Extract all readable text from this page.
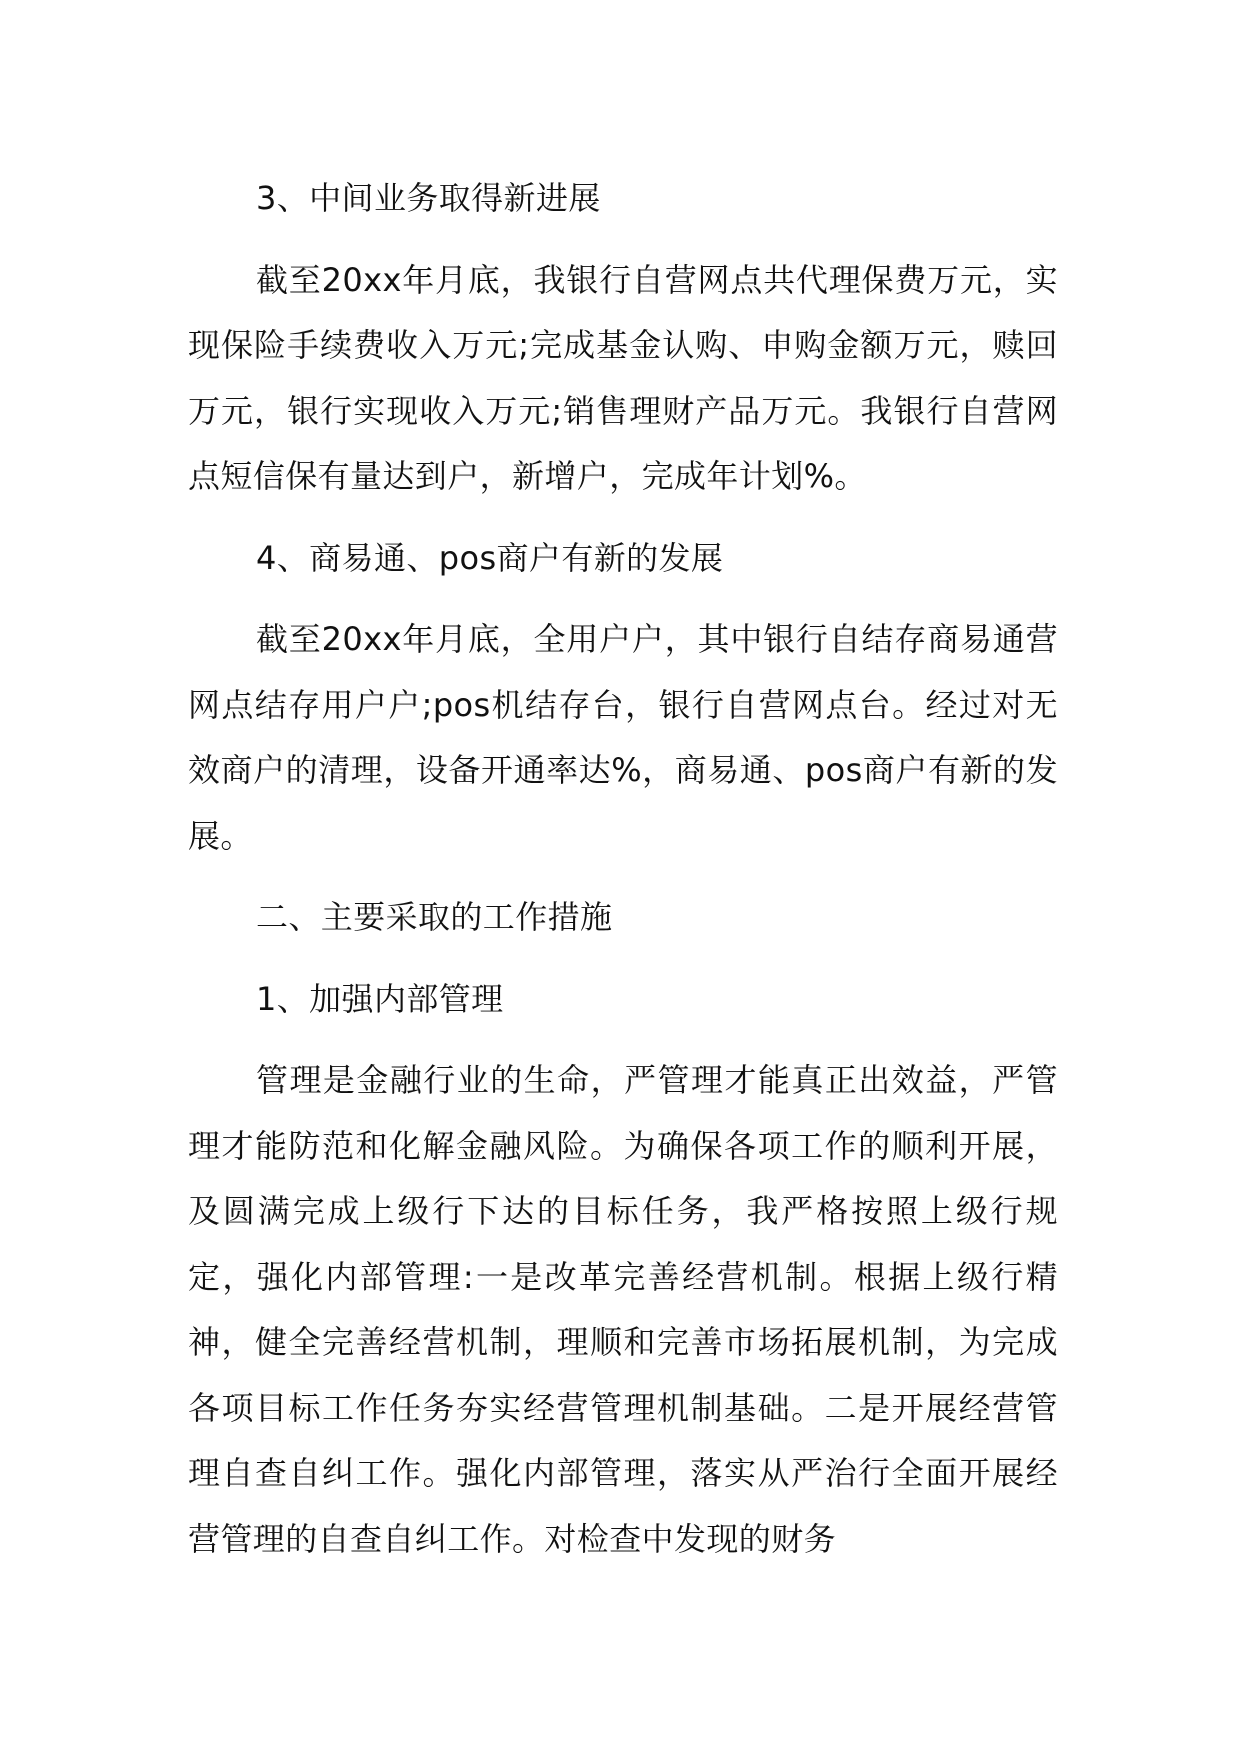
3、中间业务取得新进展
截至20xx年月底，我银行自营网点共代理保费万元，实现保险手续费收入万元;完成基金认购、申购金额万元，赎回万元，银行实现收入万元;销售理财产品万元。我银行自营网点短信保有量达到户，新增户，完成年计划%。
4、商易通、pos商户有新的发展
截至20xx年月底，全用户户，其中银行自结存商易通营网点结存用户户;pos机结存台，银行自营网点台。经过对无效商户的清理，设备开通率达%，商易通、pos商户有新的发展。
二、主要采取的工作措施
1、加强内部管理
管理是金融行业的生命，严管理才能真正出效益，严管理才能防范和化解金融风险。为确保各项工作的顺利开展，及圆满完成上级行下达的目标任务，我严格按照上级行规定，强化内部管理:一是改革完善经营机制。根据上级行精神，健全完善经营机制，理顺和完善市场拓展机制，为完成各项目标工作任务夯实经营管理机制基础。二是开展经营管理自查自纠工作。强化内部管理，落实从严治行全面开展经营管理的自查自纠工作。对检查中发现的财务
